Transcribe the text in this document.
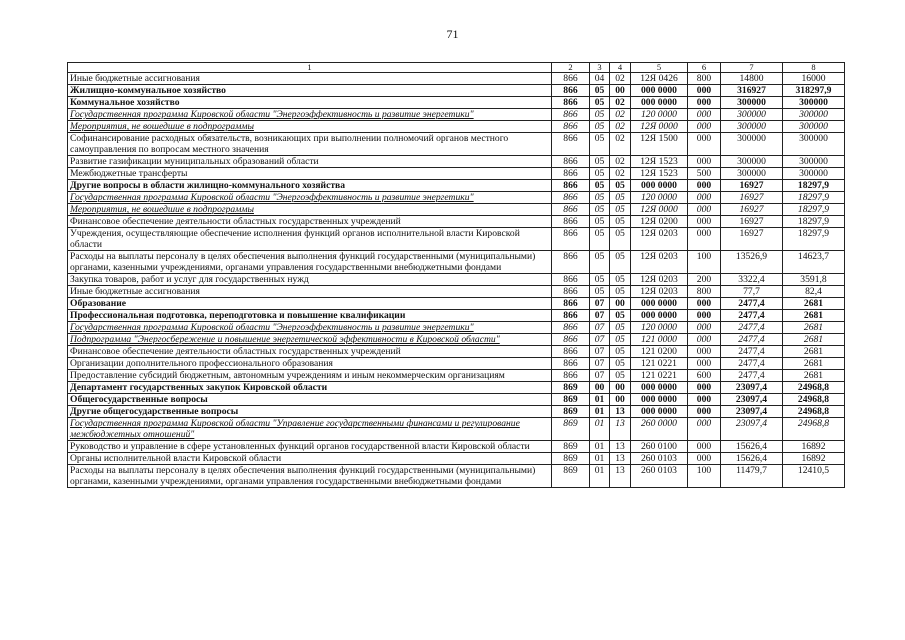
71
1	2	3	4	5	6	7	8
Иные бюджетные ассигнования	866	04	02	12Я 0426	800	14800	16000
Жилищно-коммунальное хозяйство	866	05	00	000 0000	000	316927	318297,9
Коммунальное хозяйство	866	05	02	000 0000	000	300000	300000
Государственная программа Кировской области "Энергоэффективность и развитие энергетики"	866	05	02	120 0000	000	300000	300000
Мероприятия, не вошедшие в подпрограммы	866	05	02	12Я 0000	000	300000	300000
Софинансирование расходных обязательств, возникающих при выполнении полномочий органов местного самоуправления по вопросам местного значения	866	05	02	12Я 1500	000	300000	300000
Развитие газификации муниципальных образований области	866	05	02	12Я 1523	000	300000	300000
Межбюджетные трансферты	866	05	02	12Я 1523	500	300000	300000
Другие вопросы в области жилищно-коммунального хозяйства	866	05	05	000 0000	000	16927	18297,9
Государственная программа Кировской области "Энергоэффективность и развитие энергетики"	866	05	05	120 0000	000	16927	18297,9
Мероприятия, не вошедшие в подпрограммы	866	05	05	12Я 0000	000	16927	18297,9
Финансовое обеспечение деятельности областных государственных учреждений	866	05	05	12Я 0200	000	16927	18297,9
Учреждения, осуществляющие обеспечение исполнения функций органов исполнительной власти Кировской области	866	05	05	12Я 0203	000	16927	18297,9
Расходы на выплаты персоналу в целях обеспечения выполнения функций государственными (муниципальными) органами, казенными учреждениями, органами управления государственными внебюджетными фондами	866	05	05	12Я 0203	100	13526,9	14623,7
Закупка товаров, работ и услуг для государственных нужд	866	05	05	12Я 0203	200	3322,4	3591,8
Иные бюджетные ассигнования	866	05	05	12Я 0203	800	77,7	82,4
Образование	866	07	00	000 0000	000	2477,4	2681
Профессиональная подготовка, переподготовка и повышение квалификации	866	07	05	000 0000	000	2477,4	2681
Государственная программа Кировской области "Энергоэффективность и развитие энергетики"	866	07	05	120 0000	000	2477,4	2681
Подпрограмма "Энергосбережение и повышение энергетической эффективности в Кировской области"	866	07	05	121 0000	000	2477,4	2681
Финансовое обеспечение деятельности областных государственных учреждений	866	07	05	121 0200	000	2477,4	2681
Организации дополнительного профессионального образования	866	07	05	121 0221	000	2477,4	2681
Предоставление субсидий бюджетным, автономным учреждениям и иным некоммерческим организациям	866	07	05	121 0221	600	2477,4	2681
Департамент государственных закупок Кировской области	869	00	00	000 0000	000	23097,4	24968,8
Общегосударственные вопросы	869	01	00	000 0000	000	23097,4	24968,8
Другие общегосударственные вопросы	869	01	13	000 0000	000	23097,4	24968,8
Государственная программа Кировской области "Управление государственными финансами и регулирование межбюджетных отношений"	869	01	13	260 0000	000	23097,4	24968,8
Руководство и управление в сфере установленных функций органов государственной власти Кировской области	869	01	13	260 0100	000	15626,4	16892
Органы исполнительной власти Кировской области	869	01	13	260 0103	000	15626,4	16892
Расходы на выплаты персоналу в целях обеспечения выполнения функций государственными (муниципальными) органами, казенными учреждениями, органами управления государственными внебюджетными фондами	869	01	13	260 0103	100	11479,7	12410,5
